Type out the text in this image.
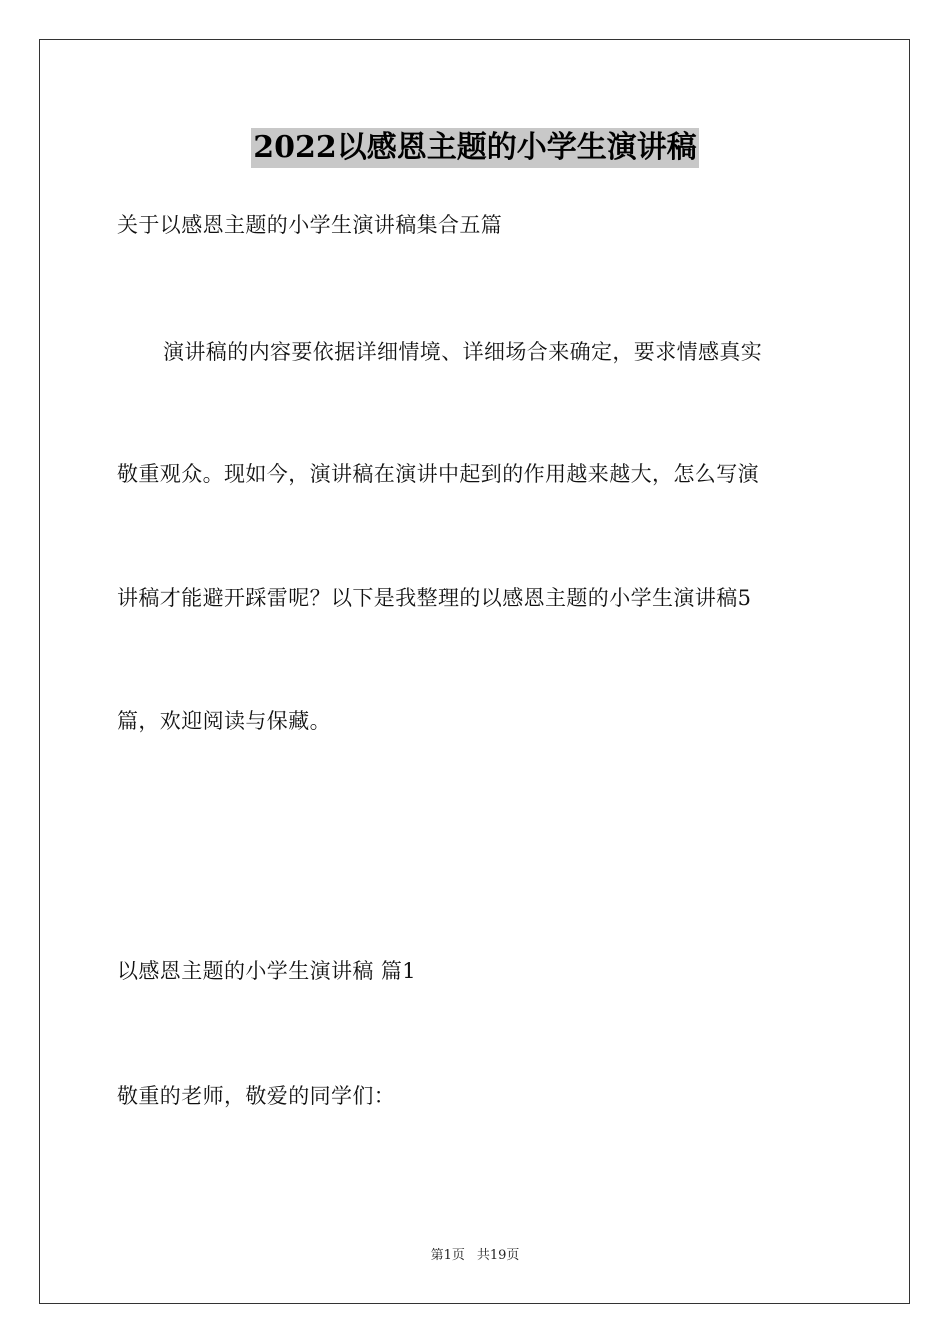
2022以感恩主题的小学生演讲稿
关于以感恩主题的小学生演讲稿集合五篇
演讲稿的内容要依据详细情境、详细场合来确定，要求情感真实
敬重观众。现如今，演讲稿在演讲中起到的作用越来越大，怎么写演
讲稿才能避开踩雷呢？以下是我整理的以感恩主题的小学生演讲稿5
篇，欢迎阅读与保藏。
以感恩主题的小学生演讲稿 篇1
敬重的老师，敬爱的同学们：
第1页 共19页
